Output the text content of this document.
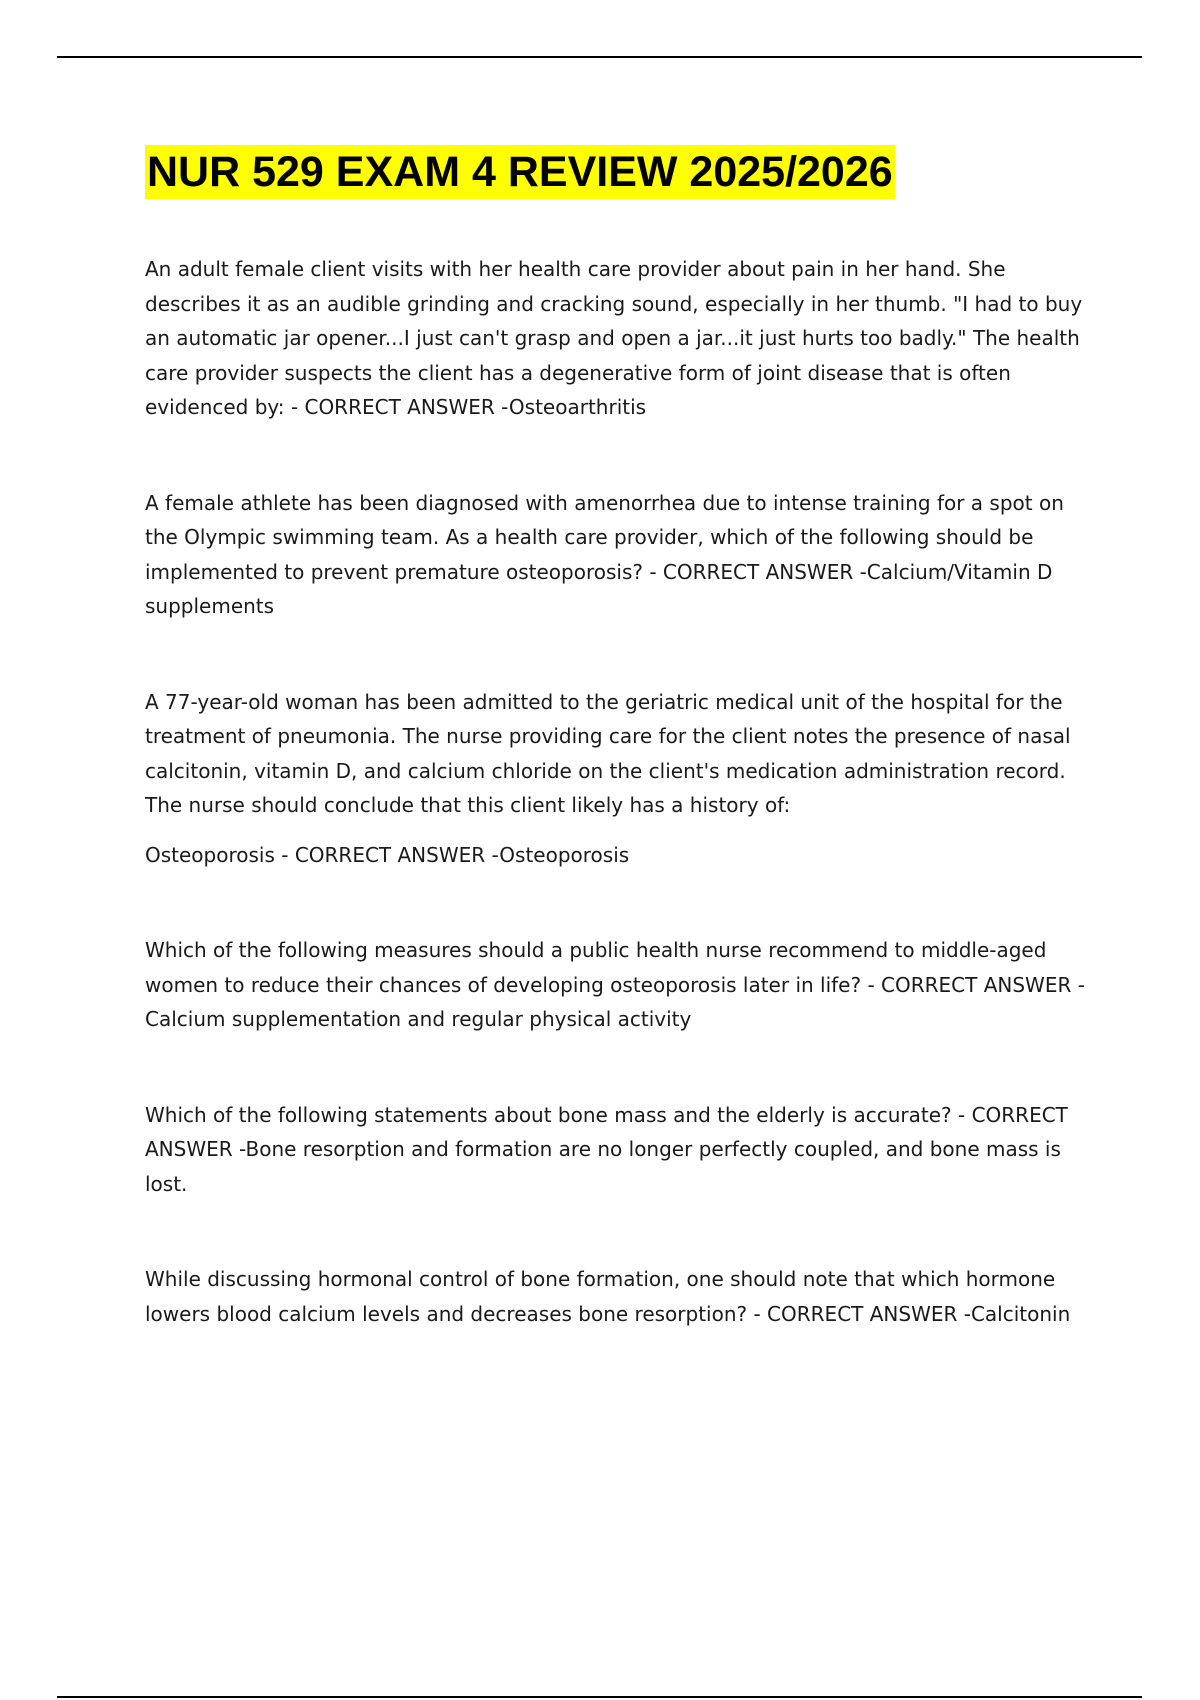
NUR 529 EXAM 4 REVIEW 2025/2026

An adult female client visits with her health care provider about pain in her hand. She describes it as an audible grinding and cracking sound, especially in her thumb. "I had to buy an automatic jar opener...I just can't grasp and open a jar...it just hurts too badly." The health care provider suspects the client has a degenerative form of joint disease that is often evidenced by: - CORRECT ANSWER -Osteoarthritis

A female athlete has been diagnosed with amenorrhea due to intense training for a spot on the Olympic swimming team. As a health care provider, which of the following should be implemented to prevent premature osteoporosis? - CORRECT ANSWER -Calcium/Vitamin D supplements

A 77-year-old woman has been admitted to the geriatric medical unit of the hospital for the treatment of pneumonia. The nurse providing care for the client notes the presence of nasal calcitonin, vitamin D, and calcium chloride on the client's medication administration record. The nurse should conclude that this client likely has a history of:
Osteoporosis - CORRECT ANSWER -Osteoporosis

Which of the following measures should a public health nurse recommend to middle-aged women to reduce their chances of developing osteoporosis later in life? - CORRECT ANSWER - Calcium supplementation and regular physical activity

Which of the following statements about bone mass and the elderly is accurate? - CORRECT ANSWER -Bone resorption and formation are no longer perfectly coupled, and bone mass is lost.

While discussing hormonal control of bone formation, one should note that which hormone lowers blood calcium levels and decreases bone resorption? - CORRECT ANSWER -Calcitonin
